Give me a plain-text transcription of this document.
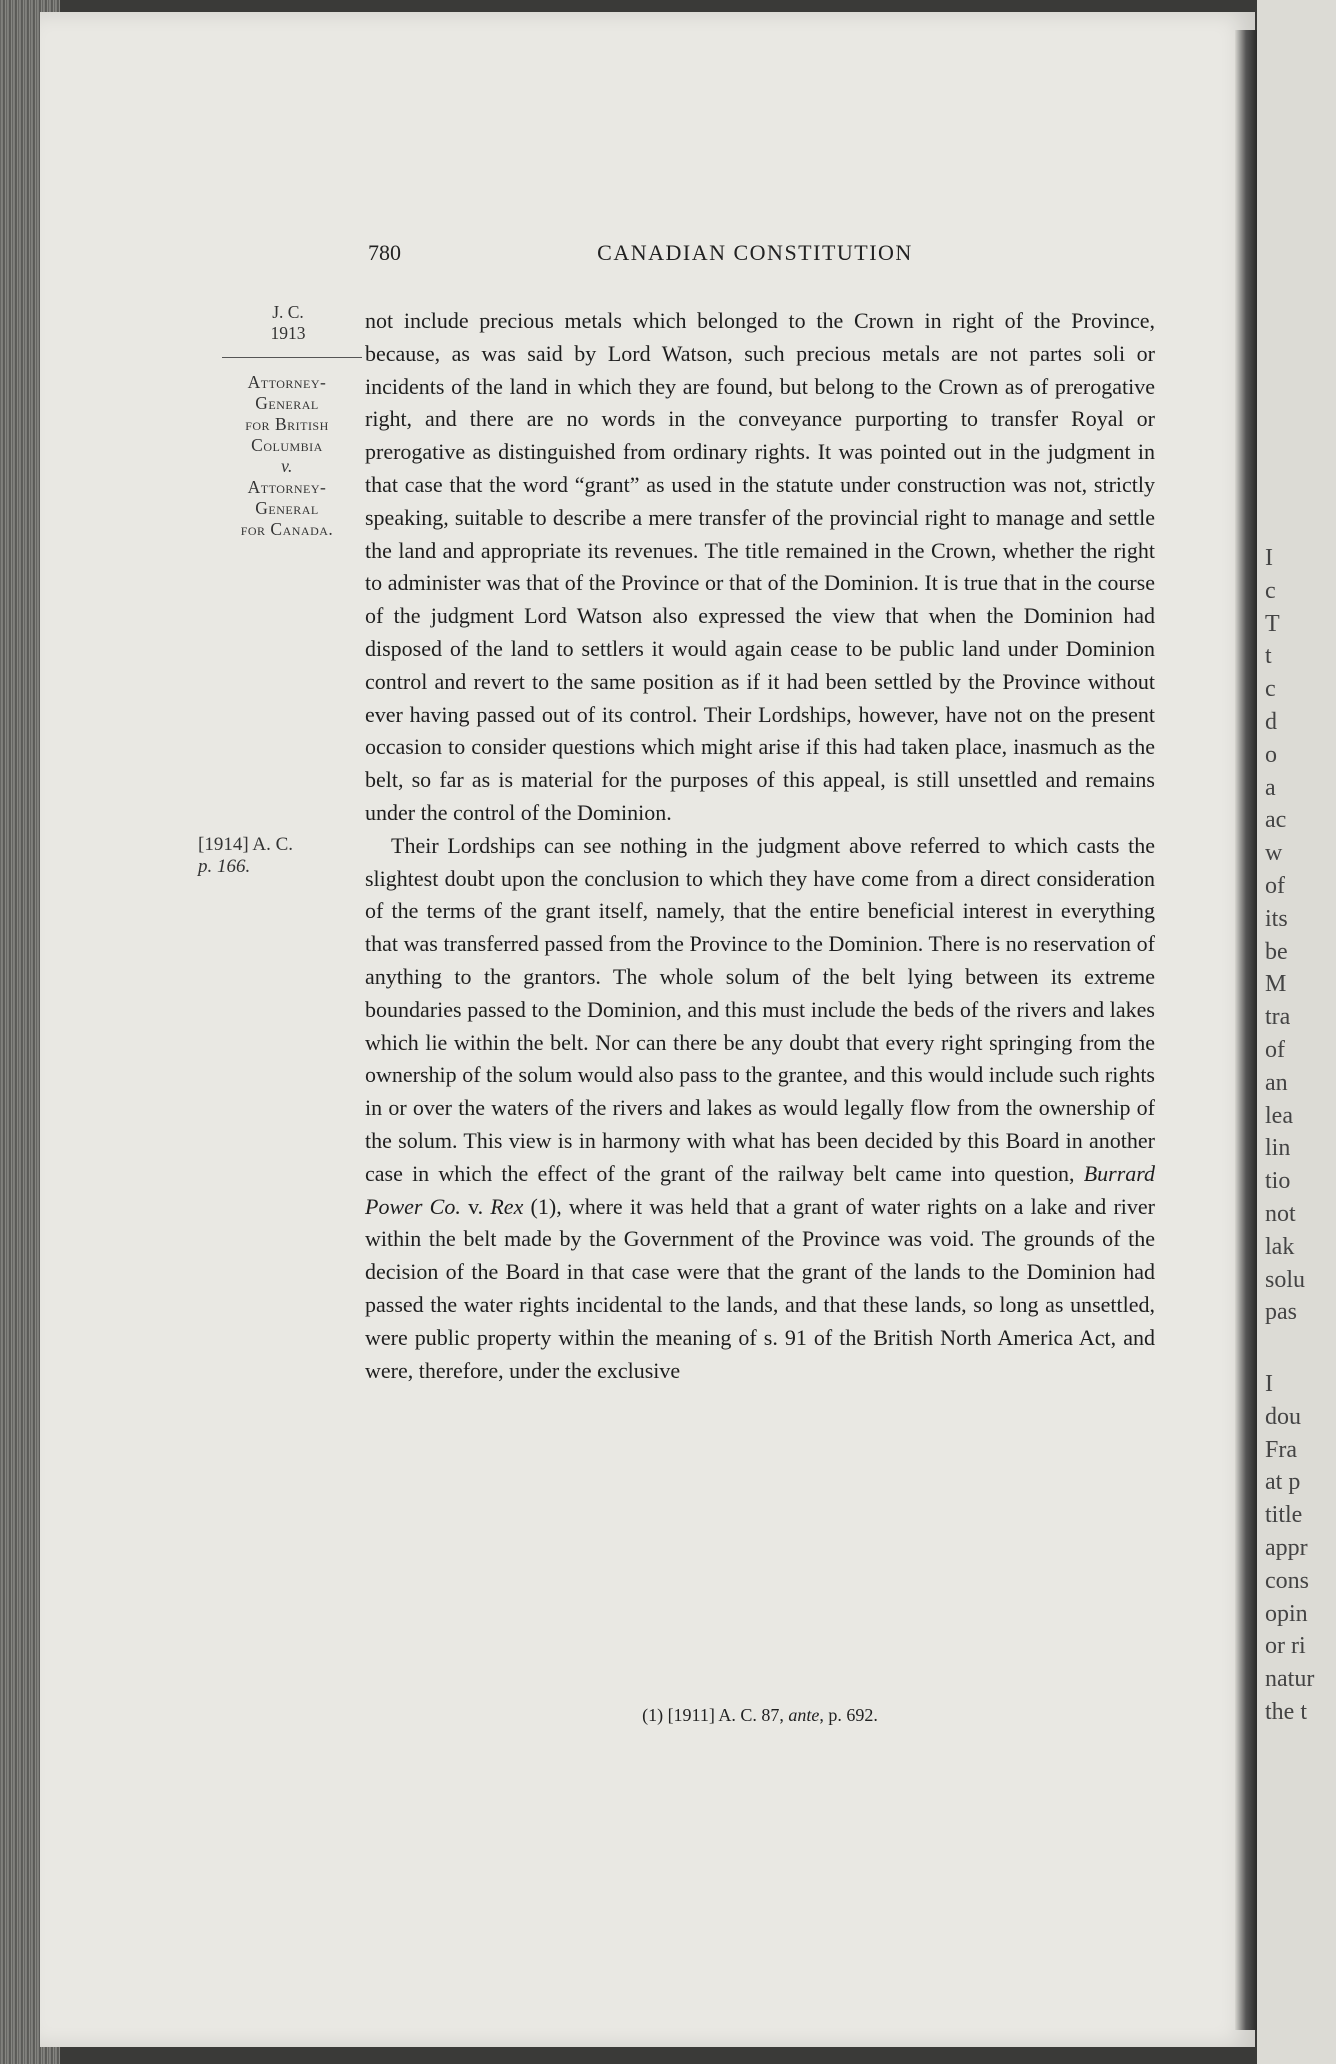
I
c
T
t
c
d
o
a
ac
w
of
its
be
M
tra
of
an
lea
lin
tio
not
lak
solu
pas
I
dou
Fra
at p
title
appr
cons
opin
or ri
natur
the t
780	CANADIAN CONSTITUTION
J. C.
1913
Attorney-
General
for British
Columbia
v.
Attorney-
General
for Canada.
[1914] A. C.
p. 166.

not include precious metals which belonged to the Crown in right of the Province, because, as was said by Lord Watson, such precious metals are not partes soli or incidents of the land in which they are found, but belong to the Crown as of prerogative right, and there are no words in the conveyance purporting to transfer Royal or prerogative as distinguished from ordinary rights. It was pointed out in the judgment in that case that the word “grant” as used in the statute under construction was not, strictly speaking, suitable to describe a mere transfer of the provincial right to manage and settle the land and appropriate its revenues. The title remained in the Crown, whether the right to administer was that of the Province or that of the Dominion. It is true that in the course of the judgment Lord Watson also expressed the view that when the Dominion had disposed of the land to settlers it would again cease to be public land under Dominion control and revert to the same position as if it had been settled by the Province without ever having passed out of its control. Their Lordships, however, have not on the present occasion to consider questions which might arise if this had taken place, inasmuch as the belt, so far as is material for the purposes of this appeal, is still unsettled and remains under the control of the Dominion.

Their Lordships can see nothing in the judgment above referred to which casts the slightest doubt upon the conclusion to which they have come from a direct consideration of the terms of the grant itself, namely, that the entire beneficial interest in everything that was transferred passed from the Province to the Dominion. There is no reservation of anything to the grantors. The whole solum of the belt lying between its extreme boundaries passed to the Dominion, and this must include the beds of the rivers and lakes which lie within the belt. Nor can there be any doubt that every right springing from the ownership of the solum would also pass to the grantee, and this would include such rights in or over the waters of the rivers and lakes as would legally flow from the ownership of the solum. This view is in harmony with what has been decided by this Board in another case in which the effect of the grant of the railway belt came into question, Burrard Power Co. v. Rex (1), where it was held that a grant of water rights on a lake and river within the belt made by the Government of the Province was void. The grounds of the decision of the Board in that case were that the grant of the lands to the Dominion had passed the water rights incidental to the lands, and that these lands, so long as unsettled, were public property within the meaning of s. 91 of the British North America Act, and were, therefore, under the exclusive

(1) [1911] A. C. 87, ante, p. 692.
